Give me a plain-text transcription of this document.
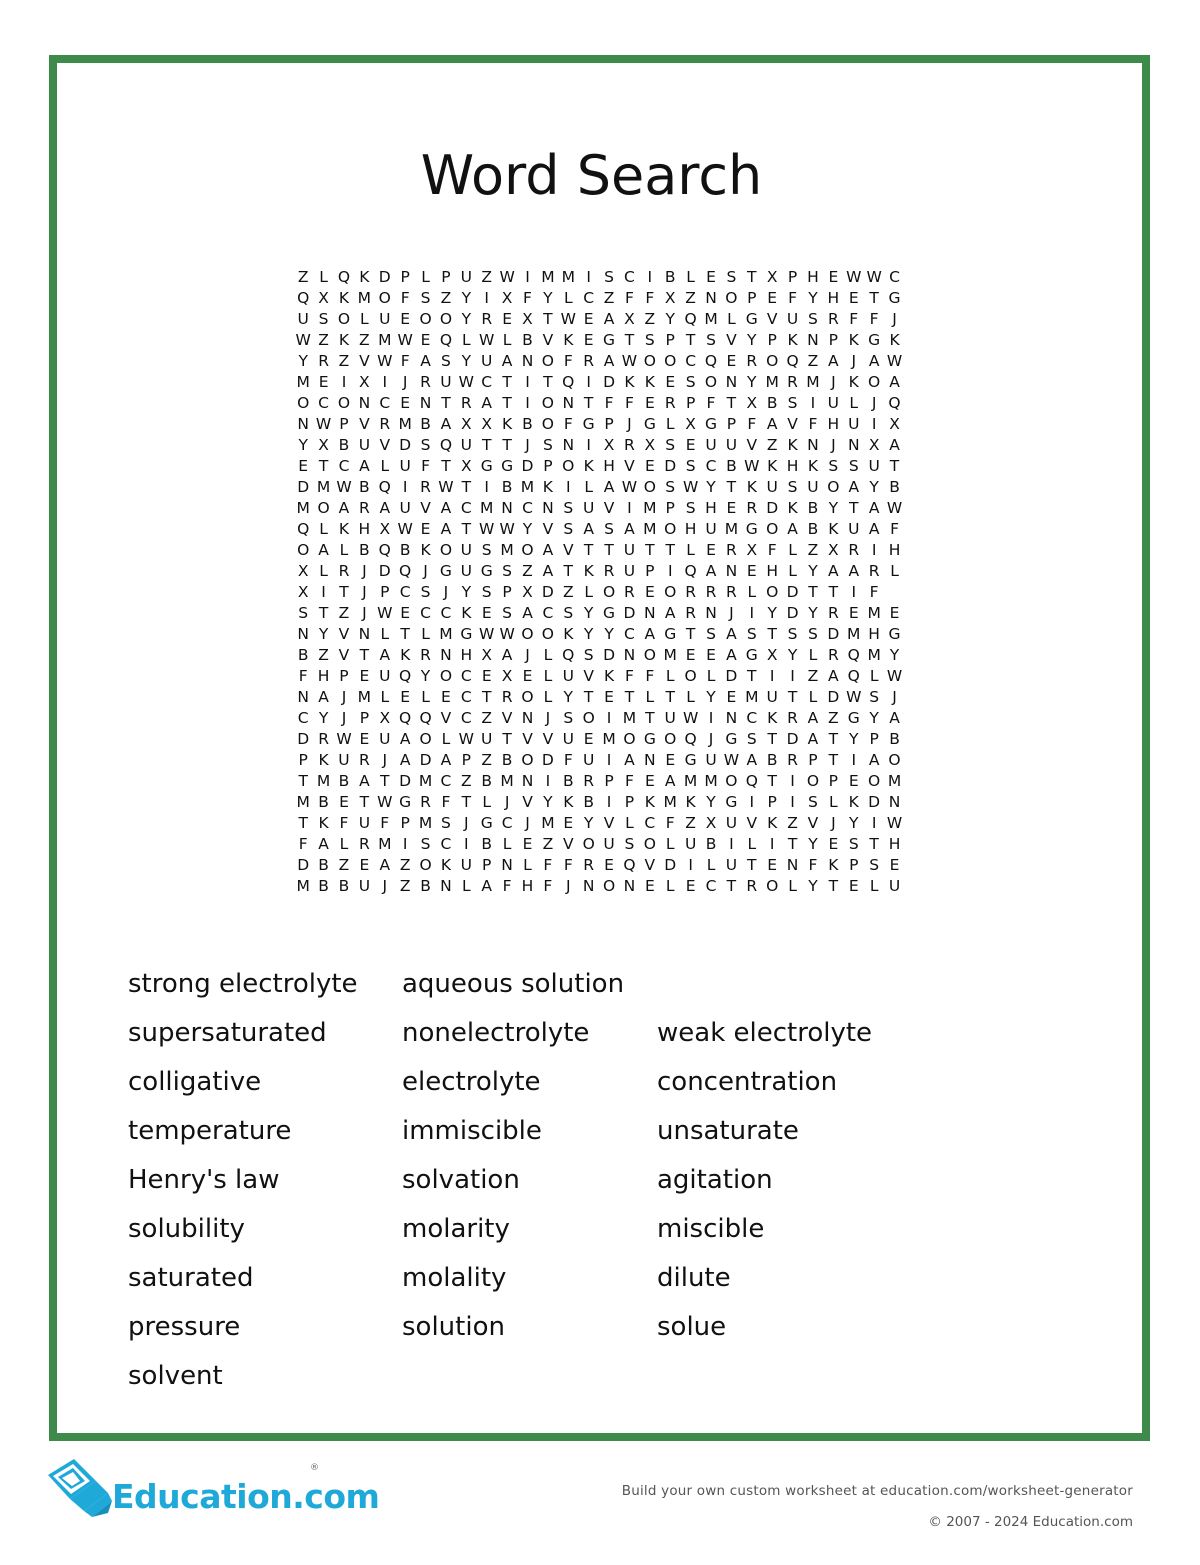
Word Search
Z L Q K D P L P U Z W I M M I S C I B L E S T X P H E W W C
Q X K M O F S Z Y I X F Y L C Z F F X Z N O P E F Y H E T G
U S O L U E O O Y R E X T W E A X Z Y Q M L G V U S R F F J
W Z K Z M W E Q L W L B V K E G T S P T S V Y P K N P K G K
Y R Z V W F A S Y U A N O F R A W O O C Q E R O Q Z A J A W
M E I X I	J R U W C T I T Q I D K K E S O N Y M R M J K O A
O C O N C E N T R A T I O N T F F E R P F T X B S I U L J Q
N W P V R M B A X X K B O F G P J G L X G P F A V F H U I X
Y X B U V D S Q U T T J S N I X R X S E U U V Z K N J N X A
E T C A L U F T X G G D P O K H V E D S C B W K H K S S U T
D M W B Q I R W T I B M K I L A W O S W Y T K U S U O A Y B
M O A R A U V A C M N C N S U V I M P S H E R D K B Y T A W
Q L K H X W E A T W W Y V S A S A M O H U M G O A B K U A F
O A L B Q B K O U S M O A V T T U T T L E R X F L Z X R I H
X L R J D Q J G U G S Z A T K R U P I Q A N E H L Y A A R L
X I T J P C S J Y S P X D Z L O R E O R R R L O D T T I F
S T Z J W E C C K E S A C S Y G D N A R N J	I Y D Y R E M E
N Y V N L T L M G W W O O K Y Y C A G T S A S T S S D M H G
B Z V T A K R N H X A J L Q S D N O M E E A G X Y L R Q M Y
F H P E U Q Y O C E X E L U V K F F L O L D T I	I Z A Q L W
N A J M L E L E C T R O L Y T E T L T L Y E M U T L D W S J
C Y J P X Q Q V C Z V N J S O I M T U W I N C K R A Z G Y A
D R W E U A O L W U T V V U E M O G O Q J G S T D A T Y P B
P K U R J A D A P Z B O D F U I A N E G U W A B R P T I A O
T M B A T D M C Z B M N I B R P F E A M M O Q T I O P E O M
M B E T W G R F T L J V Y K B I P K M K Y G I P I S L K D N
T K F U F P M S J G C J M E Y V L C F Z X U V K Z V J Y I W
F A L R M I S C I B L E Z V O U S O L U B I L I T Y E S T H
D B Z E A Z O K U P N L F F R E Q V D I L U T E N F K P S E
M B B U J Z B N L A F H F J N O N E L E C T R O L Y T E L U
strong electrolyte	aqueous solution
supersaturated	nonelectrolyte	weak electrolyte
colligative	electrolyte	concentration
temperature	immiscible	unsaturate
Henry's law	solvation	agitation
solubility	molarity	miscible
saturated	molality	dilute
pressure	solution	solue
solvent
Education.com
®
Build your own custom worksheet at education.com/worksheet-generator
© 2007 - 2024 Education.com
